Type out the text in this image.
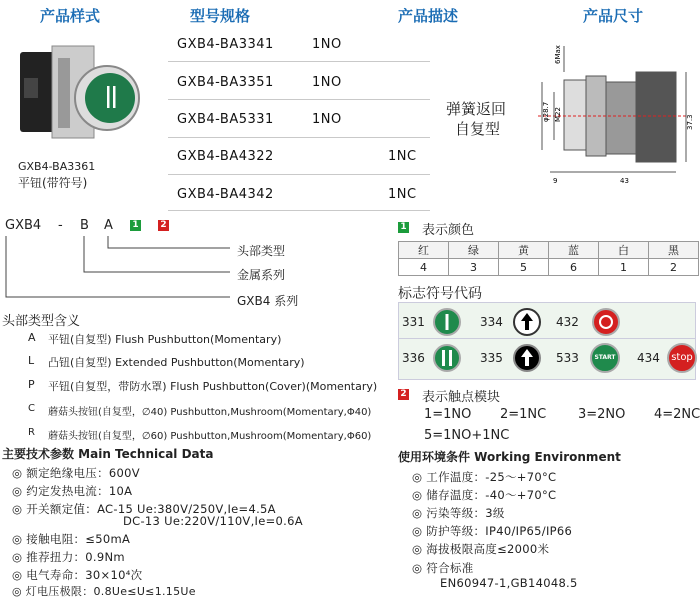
产品样式	型号规格	产品描述	产品尺寸
GXB4-BA3361
平钮(带符号)
GXB4-BA3341	1NO
GXB4-BA3351	1NO
GXB4-BA5331	1NO
GXB4-BA4322	1NC
GXB4-BA4342	1NC
弹簧返回
自复型
6Max
φ28.7 M22	37.3
9	43
GXB4 - B A 1 2
头部类型
金属系列
GXB4 系列
头部类型含义
A 平钮(自复型) Flush Pushbutton(Momentary)
L 凸钮(自复型) Extended Pushbutton(Momentary)
P 平钮(自复型，带防水罩) Flush Pushbutton(Cover)(Momentary)
C 蘑菇头按钮(自复型，∅40) Pushbutton,Mushroom(Momentary,Φ40)
R 蘑菇头按钮(自复型，∅60) Pushbutton,Mushroom(Momentary,Φ60)
主要技术参数 Main Technical Data
◎ 额定绝缘电压：600V
◎ 约定发热电流：10A
◎ 开关额定值：AC-15 Ue:380V/250V,Ie=4.5A
DC-13 Ue:220V/110V,Ie=0.6A
◎ 接触电阻：≤50mA
◎ 推荐扭力：0.9Nm
◎ 电气寿命：30×10⁴次
◎ 灯电压极限：0.8Ue≤U≤1.15Ue
1 表示颜色
红	绿	黄	蓝	白	黑
4	3	5	6	1	2
标志符号代码
331	334	432
336	335	533	START	434	stop
2 表示触点模块
1=1NO 2=1NC 3=2NO 4=2NC
5=1NO+1NC
使用环境条件 Working Environment
◎ 工作温度：-25～+70°C
◎ 储存温度：-40～+70°C
◎ 污染等级：3级
◎ 防护等级：IP40/IP65/IP66
◎ 海拔极限高度≤2000米
◎ 符合标准
EN60947-1,GB14048.5
